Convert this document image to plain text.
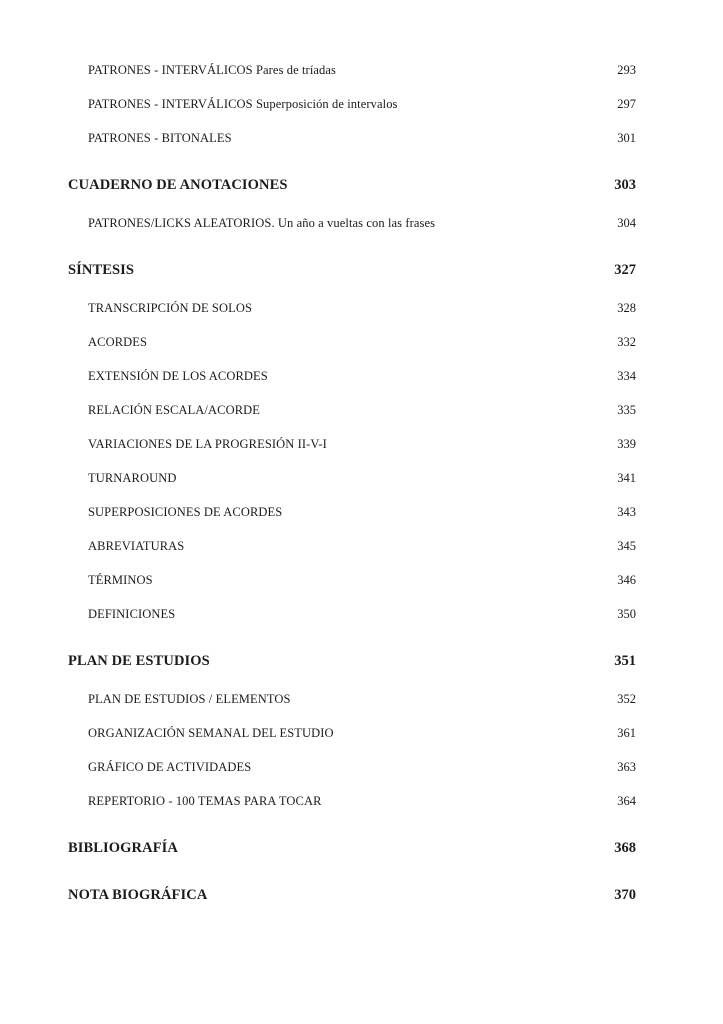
PATRONES - INTERVÁLICOS Pares de tríadas	293
PATRONES - INTERVÁLICOS Superposición de intervalos	297
PATRONES - BITONALES	301
CUADERNO DE ANOTACIONES	303
PATRONES/LICKS ALEATORIOS. Un año a vueltas con las frases	304
SÍNTESIS	327
TRANSCRIPCIÓN DE SOLOS	328
ACORDES	332
EXTENSIÓN DE LOS ACORDES	334
RELACIÓN ESCALA/ACORDE	335
VARIACIONES DE LA PROGRESIÓN II-V-I	339
TURNAROUND	341
SUPERPOSICIONES DE ACORDES	343
ABREVIATURAS	345
TÉRMINOS	346
DEFINICIONES	350
PLAN DE ESTUDIOS	351
PLAN DE ESTUDIOS / ELEMENTOS	352
ORGANIZACIÓN SEMANAL DEL ESTUDIO	361
GRÁFICO DE ACTIVIDADES	363
REPERTORIO - 100 TEMAS PARA TOCAR	364
BIBLIOGRAFÍA	368
NOTA BIOGRÁFICA	370
